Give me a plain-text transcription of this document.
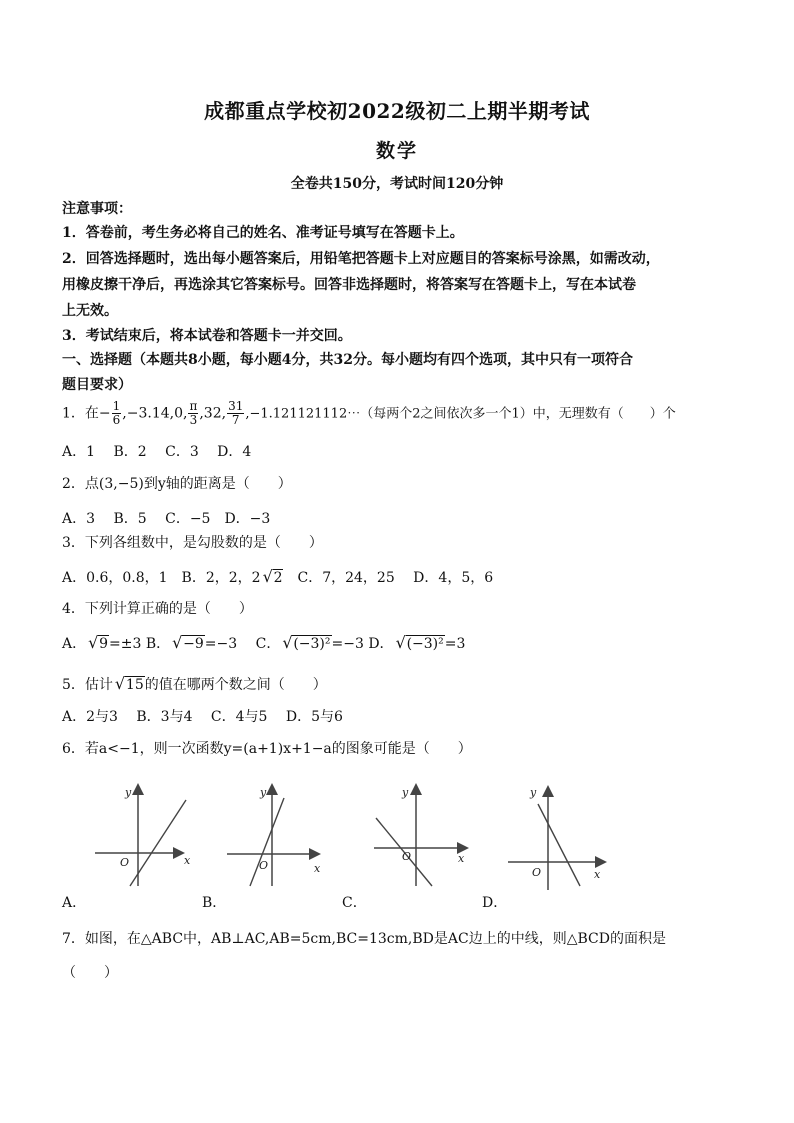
成都重点学校初2022级初二上期半期考试
数学
全卷共150分，考试时间120分钟
注意事项：
1．答卷前，考生务必将自己的姓名、准考证号填写在答题卡上。
2．回答选择题时，选出每小题答案后，用铅笔把答题卡上对应题目的答案标号涂黑，如需改动，
用橡皮擦干净后，再选涂其它答案标号。回答非选择题时，将答案写在答题卡上，写在本试卷
上无效。
3．考试结束后，将本试卷和答题卡一并交回。
一、选择题（本题共8小题，每小题4分，共32分。每小题均有四个选项，其中只有一项符合
题目要求）
1．在− $\frac{1}{6} ,-3.14,0$, $\frac{\pi}{3} ,32$, $\frac{31}{7}$ ,−1.121121112⋯（每两个2之间依次多一个1）中，无理数有（　　）个
A．1　 B．2　 C．3　 D．4
2．点(3,−5)到y轴的距离是（　　）
A．3　 B．5　 C．−5　D．−3
3．下列各组数中，是勾股数的是（　　）
A．0.6，0.8，1　B．2，2，2 √ 2　C．7，24，25　 D．4，5，6
4．下列计算正确的是（　　）
A． √ 9=±3 B． √ −9=−3　 C． √ (−3)²=−3 D． √ (−3)²=3
5．估计 √ 15的值在哪两个数之间（　　）
A．2与3　 B．3与4　 C．4与5　 D．5与6
6．若a<−1，则一次函数y=(a+1)x+1−a的图象可能是（　　）
y
x
O
y
x
O
y
x
O
y
x
O
A．	B．	C．	D．
7．如图，在△ABC中，AB⊥AC,AB=5cm,BC=13cm,BD是AC边上的中线，则△BCD的面积是
（　　）
